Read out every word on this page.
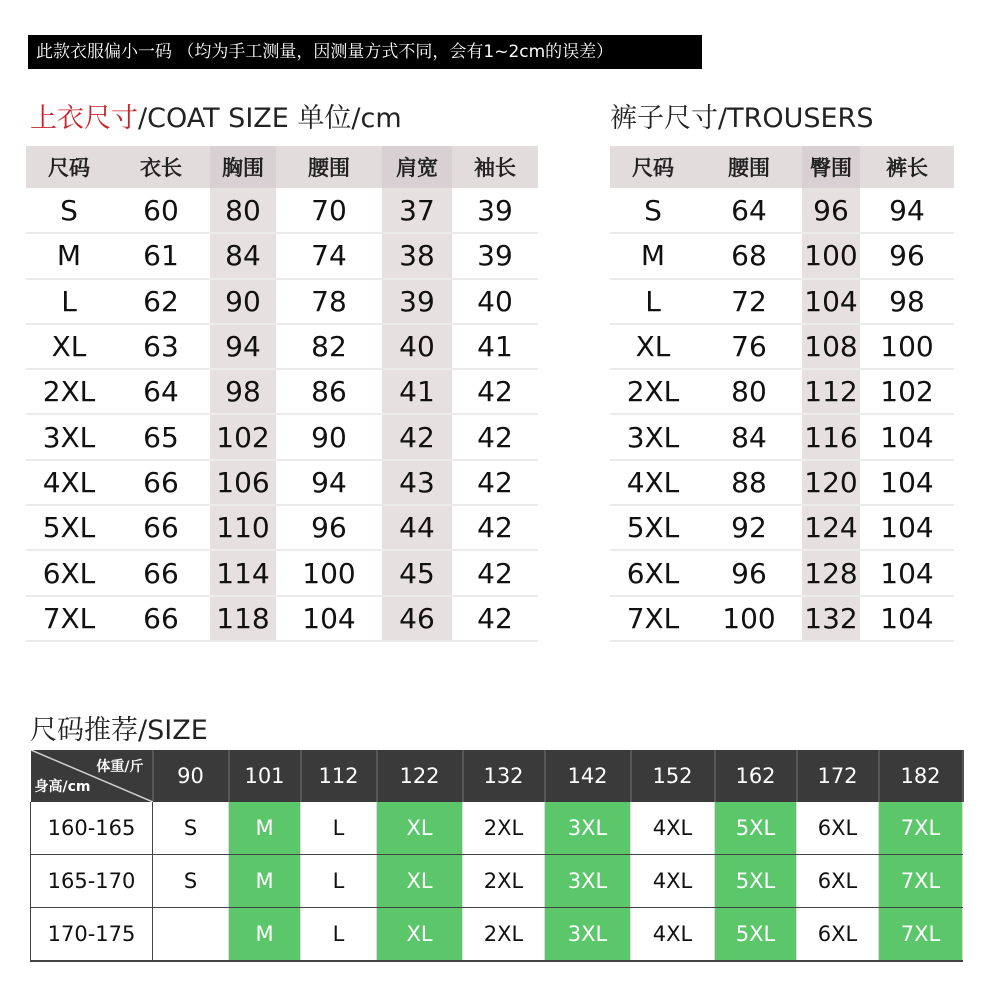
此款衣服偏小一码 （均为手工测量，因测量方式不同，会有1~2cm的误差）
上衣尺寸/COAT SIZE 单位/cm	裤子尺寸/TROUSERS
尺码	衣长	胸围	腰围	肩宽	袖长
S	60	80	70	37	39
M	61	84	74	38	39
L	62	90	78	39	40
XL	63	94	82	40	41
2XL	64	98	86	41	42
3XL	65	102	90	42	42
4XL	66	106	94	43	42
5XL	66	110	96	44	42
6XL	66	114	100	45	42
7XL	66	118	104	46	42
尺码	腰围	臀围	裤长
S	64	96	94
M	68	100	96
L	72	104	98
XL	76	108	100
2XL	80	112	102
3XL	84	116	104
4XL	88	120	104
5XL	92	124	104
6XL	96	128	104
7XL	100	132	104
尺码推荐/SIZE
体重/斤
身高/cm	90	101	112	122	132	142	152	162	172	182
160-165	S	M	L	XL	2XL	3XL	4XL	5XL	6XL	7XL
165-170	S	M	L	XL	2XL	3XL	4XL	5XL	6XL	7XL
170-175		M	L	XL	2XL	3XL	4XL	5XL	6XL	7XL
